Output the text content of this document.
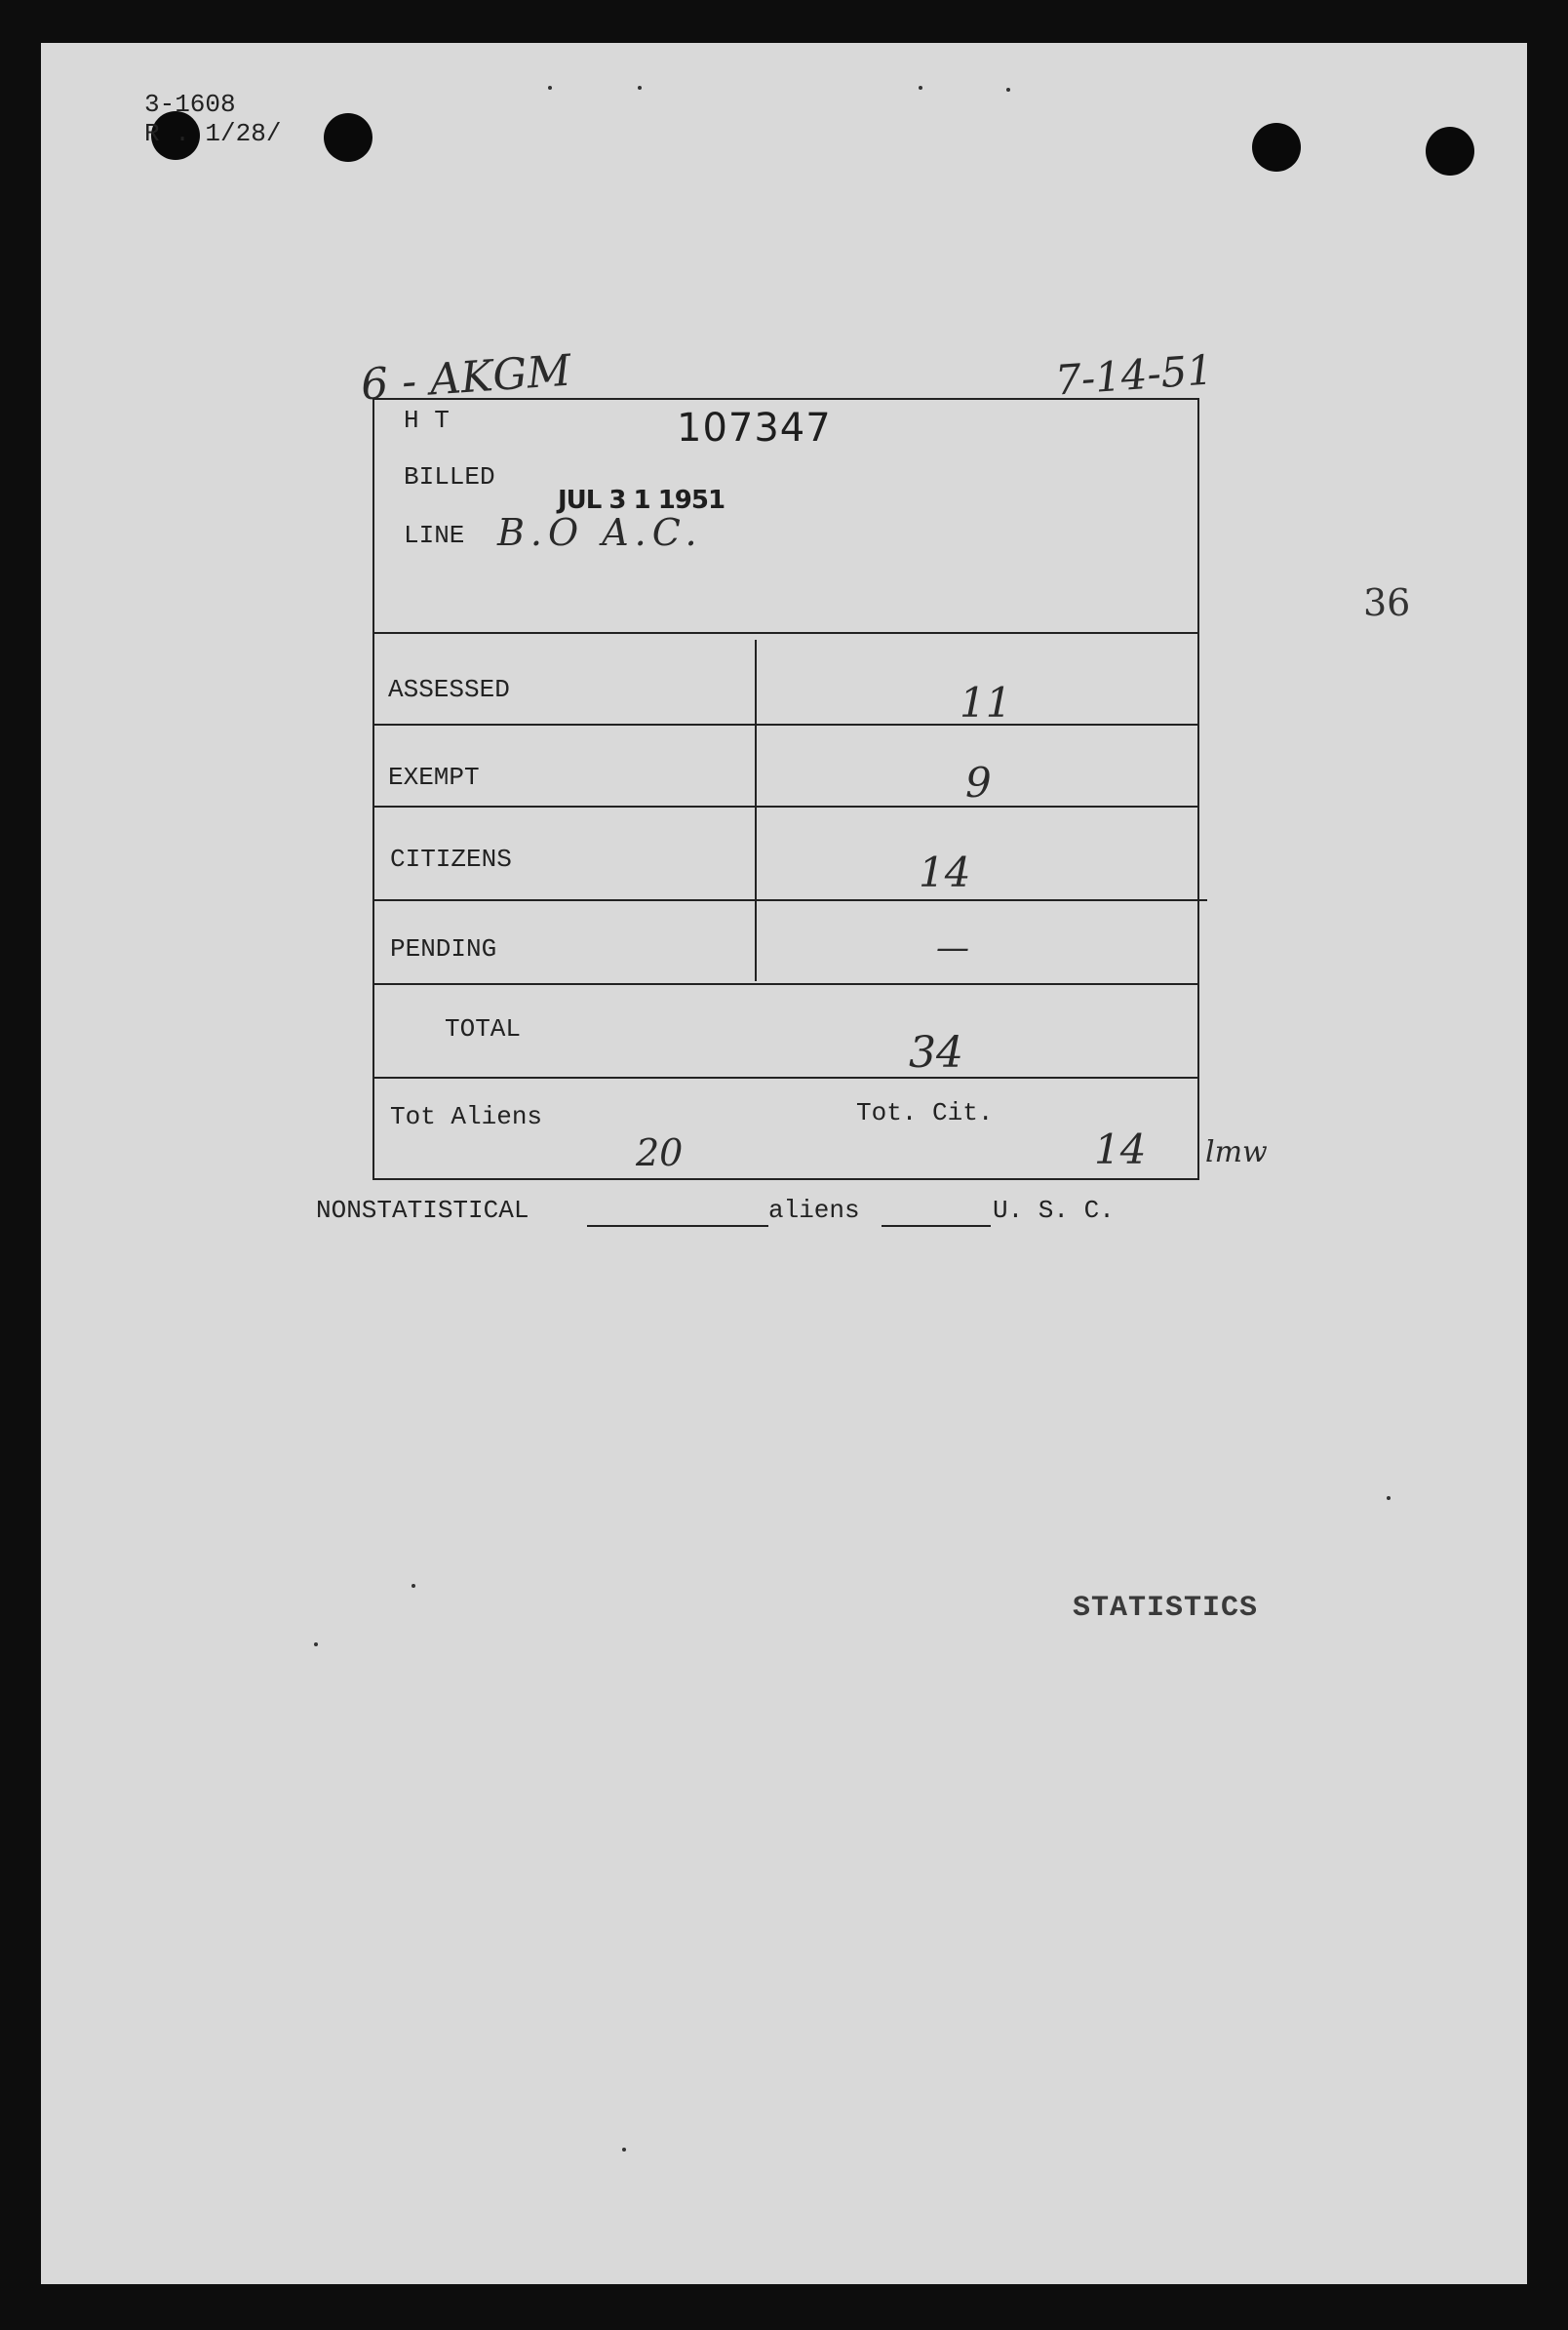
3-1608
R . 1/28/
6 - AKGM	7-14-51
36
H T	107347
BILLED
JUL 3 1 1951
LINE B.O A.C.
ASSESSED	11
EXEMPT	9
CITIZENS	14
PENDING	—
TOTAL	34
Tot Aliens
20
Tot. Cit.
14 lmw
NONSTATISTICAL	aliens	U. S. C.
STATISTICS
